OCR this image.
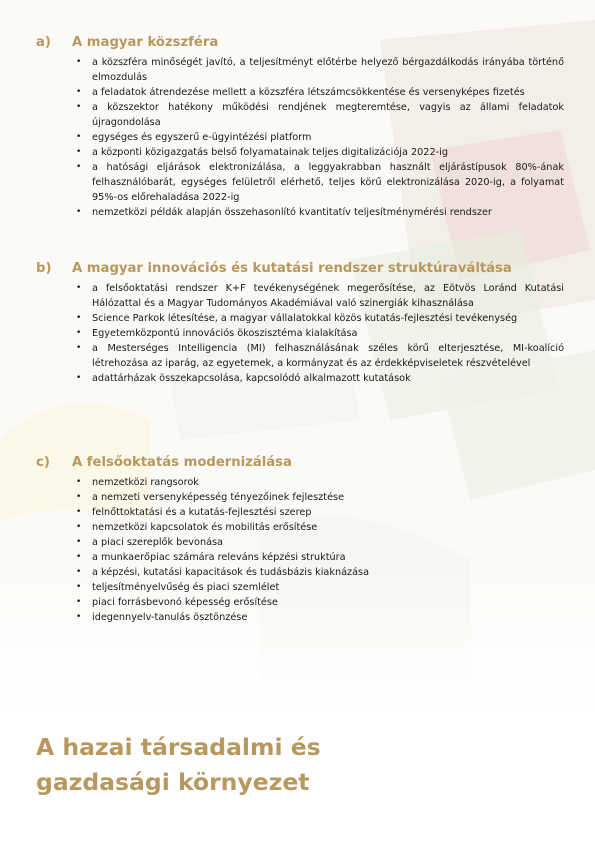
a)	A magyar közszféra
• a közszféra minőségét javító, a teljesítményt előtérbe helyező bérgazdálkodás irányába történő elmozdulás
• a feladatok átrendezése mellett a közszféra létszámcsökkentése és versenyképes fizetés
• a közszektor hatékony működési rendjének megteremtése, vagyis az állami feladatok újragondolása
• egységes és egyszerű e-ügyintézési platform
• a központi közigazgatás belső folyamatainak teljes digitalizációja 2022-ig
• a hatósági eljárások elektronizálása, a leggyakrabban használt eljárástípusok 80%-ának felhasználóbarát, egységes felületről elérhető, teljes körű elektronizálása 2020-ig, a folyamat 95%-os előrehaladása 2022-ig
• nemzetközi példák alapján összehasonlító kvantitatív teljesítménymérési rendszer
b)	A magyar innovációs és kutatási rendszer struktúraváltása
• a felsőoktatási rendszer K+F tevékenységének megerősítése, az Eötvös Loránd Kutatási Hálózattal és a Magyar Tudományos Akadémiával való szinergiák kihasználása
• Science Parkok létesítése, a magyar vállalatokkal közös kutatás-fejlesztési tevékenység
• Egyetemközpontú innovációs ökoszisztéma kialakítása
• a Mesterséges Intelligencia (MI) felhasználásának széles körű elterjesztése, MI-koalíció létrehozása az iparág, az egyetemek, a kormányzat és az érdekképviseletek részvételével
• adattárházak összekapcsolása, kapcsolódó alkalmazott kutatások
c)	A felsőoktatás modernizálása
• nemzetközi rangsorok
• a nemzeti versenyképesség tényezőinek fejlesztése
• felnőttoktatási és a kutatás-fejlesztési szerep
• nemzetközi kapcsolatok és mobilitás erősítése
• a piaci szereplők bevonása
• a munkaerőpiac számára releváns képzési struktúra
• a képzési, kutatási kapacitások és tudásbázis kiaknázása
• teljesítményelvűség és piaci szemlélet
• piaci forrásbevonó képesség erősítése
• idegennyelv-tanulás ösztönzése
A hazai társadalmi és
gazdasági környezet
